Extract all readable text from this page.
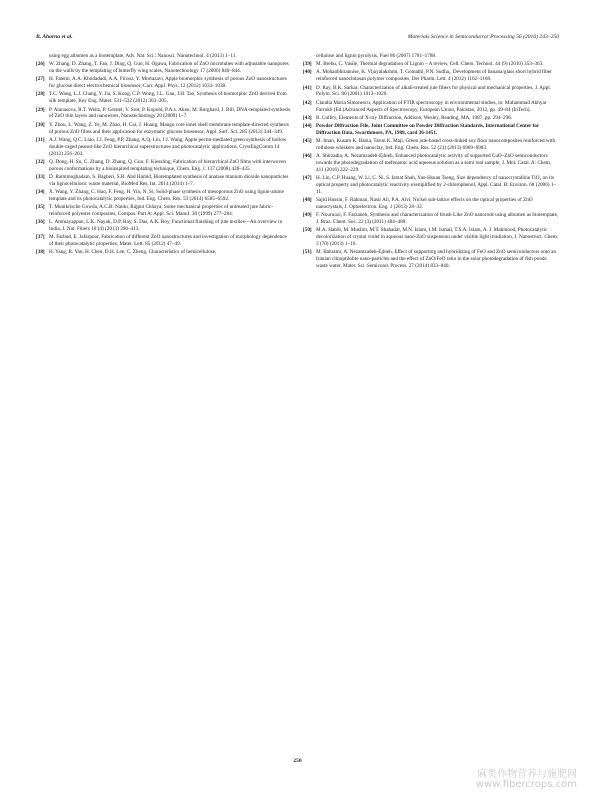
B. Aharna et al.	Materials Science in Semiconductor Processing 56 (2016) 243–250
using egg albumen as a biotemplate, Adv. Nat. Sci.: Nanosci. Nanotechnol. 4 (2013) 1–11.
[26] W. Zhang, D. Zhang, T. Fan, J. Ding, Q. Guo, H. Ogawa, Fabrication of ZnO microtubes with adjustable nanopores on the walls by the templating of butterfly wing scales, Nanotechnology 17 (2006) 840–844.
[27] H. Fatemi, A.A. Khodadadi, A.A. Firooz, Y. Mortazavi, Apple biomorphic synthesis of porous ZnO nanostructures for glucose direct electrochemical biosensor, Curr. Appl. Phys. 12 (2012) 1033–1038.
[28] T.C. Wang, L.J. Chang, Y. Jia, S. Kong, C.P. Wong, J.L. Gao, J.H. Tao, Synthesis of biomorphic ZnO derived from silk template, Key Eng. Mater. 531–532 (2012) 303–305.
[29] P. Atanasova, R.T. Weitz, P. Gerstel, V. Srot, P. Kopold, P.A.v. Aken, M. Burghard, J. Bill, DNA-templated synthesis of ZnO thin layers and nanowires, Nanotechnology 20 (2009) 1–7.
[30] Y. Zhou, L. Wang, Z. Ye, M. Zhao, H. Cai, J. Huang, Mango core inner shell membrane template-directed synthesis of porous ZnO films and their application for enzymatic glucose biosensor, Appl. Surf. Sci. 285 (2013) 344–349.
[31] A.J. Wang, Q.C. Liao, J.J. Feng, P.P. Zhang, A.Q. Lin, J.J. Wang, Apple pectin-mediated green synthesis of hollow double-caged peanut-like ZnO hierarchical superstructures and photocatalytic applications, CrystEngComm 14 (2012) 256–263.
[32] Q. Dong, H. Su, C. Zhang, D. Zhang, Q. Guo, F. Kiessling, Fabrication of hierarchical ZnO films with interwoven porous conformations by a bioinspired templating technique, Chem. Eng. J. 137 (2008) 428–435.
[33] D. Ramimoghadam, S. Bagheri, S.B. Abd Hamid, Biotemplated synthesis of anatase titanium dioxide nanoparticles via lignocellulosic waste material, BioMed Res. Int. 2014 (2014) 1–7.
[34] X. Wang, Y. Zhang, C. Hao, F. Feng, H. Yin, N. Si, Solid-phase synthesis of mesoporous ZnO using lignin-amine template and its photocatalytic properties, Ind. Eng. Chem. Res. 53 (2014) 6585–6592.
[35] T. Munikrische Gowda, A.C.B. Naidu, Rajput Chhaya, Some mechanical properties of untreated jute fabric-reinforced polyester composites, Compos. Part A: Appl. Sci. Manuf. 30 (1999) 277–284.
[36] L. Ammayappan, L.K. Nayak, D.P. Ray, S. Das, A.K. Roy, Functional finishing of jute textiles—An overview in India, J. Nat. Fibers 10 (4) (2013) 390–413.
[37] M. Farbod, E. Jafarpoor, Fabrication of different ZnO nanostructures and investigation of morphology dependence of their photocatalytic properties, Mater. Lett. 85 (2012) 47–49.
[38] H. Yang, R. Yan, H. Chen, D.H. Lee, C. Zheng, Characteristics of hemicellulose,
cellulose and lignin pyrolysis, Fuel 86 (2007) 1781–1788.
[39] M. Brebu, C. Vasile, Thermal degradation of Lignin – A review, Cell. Chem. Technol. 44 (9) (2010) 353–363.
[40] A. Mohanbhirannise, K. Vijayalakshmi, T. Gomathi, P.N. Sudha,, Development of banana/glass short hybrid fiber reinforced nanochitosan polymer composites, Der Pharm. Lett. 4 (2012) 1162–1168.
[41] D. Ray, B.K. Sarkar, Characterization of alkali-treated jute fibers for physical and mechanical properties, J. Appl. Polym. Sci. 80 (2001) 1013–1020.
[42] Claudia Maria Simonescu, Application of FTIR spectroscopy in environmental studies, in: Muhammad Akhyar Farrukh (Ed.)Advanced Aspects of Spectroscopy, European Union, Pakistan, 2012, pp. 49–84 (InTech).
[43] B. Cullity, Elements of X-ray Diffraction, Addison, Wesley, Reading, MA, 1987, pp. 294–296.
[44] Powder Diffraction File, Joint Committee on Powder Diffraction Standards, International Center for Diffraction Data, Swarthmore, PA, 1988, card 36-1451.
[45] M. Iman, Kusam K. Bania, Tarun K. Maji, Green jute-based cross-linked soy flour nanocomposites reinforced with cellulose whiskers and nanoclay, Ind. Eng. Chem. Res. 52 (21) (2013) 6969–6983.
[46] A. Shirzadia, A. Nezamzadeh-Ejhieh, Enhanced photocatalytic activity of supported CuO–ZnO semiconductors towards the photodegradation of mefenamic acid aqueous solution as a semi real sample, J. Mol. Catal. A: Chem. 411 (2016) 222–229.
[47] H. Lin, C.P. Huang, W. Li, C. Ni, S. Ismat Shah, Yao-Hsuan Tseng, Size dependency of nanocrystalline TiO₂ on its optical property and photocatalytic reactivity exemplified by 2-chlorophenol, Appl. Catal. B: Environ. 68 (2006) 1–11.
[48] Sajid Hussin, F. Rahman, Nasir Ali, P.A. Alvi, Nickel sub-lattice effects on the optical properties of ZnO nanocrystals, J. Optoelectron. Eng. 1 (2013) 28–32.
[49] F. Nouruozi, F. Farzaneh, Synthesis and characterization of brush-Like ZnO nanorods using albumen as biotemplate, J. Braz. Chem. Soc. 22 (3) (2011) 484–488.
[50] M.A. Habib, M. Muslim, M.T. Shahadat, M.N. Islam, I.M. Ismail, T.S.A. Islam, A. J. Mahmood, Photocatalytic decolorization of crystal violet in aqueous nano-ZnO suspension under visible light irradiation, J. Nanostruct. Chem. 3 (70) (2013) 1–10.
[51] M. Bahrami, A. Nezamzadeh-Ejhieh, Effect of supporting and hybridizing of FeO and ZnO semiconductors onto an Iranian clinoptilolite nano-particles and the effect of ZnO/FeO ratio in the solar photodegradation of fish ponds waste water, Mater. Sci. Semicond. Process. 27 (2014) 833–840.
250
麻类作物营养与施肥网
www.fibercrops.com
